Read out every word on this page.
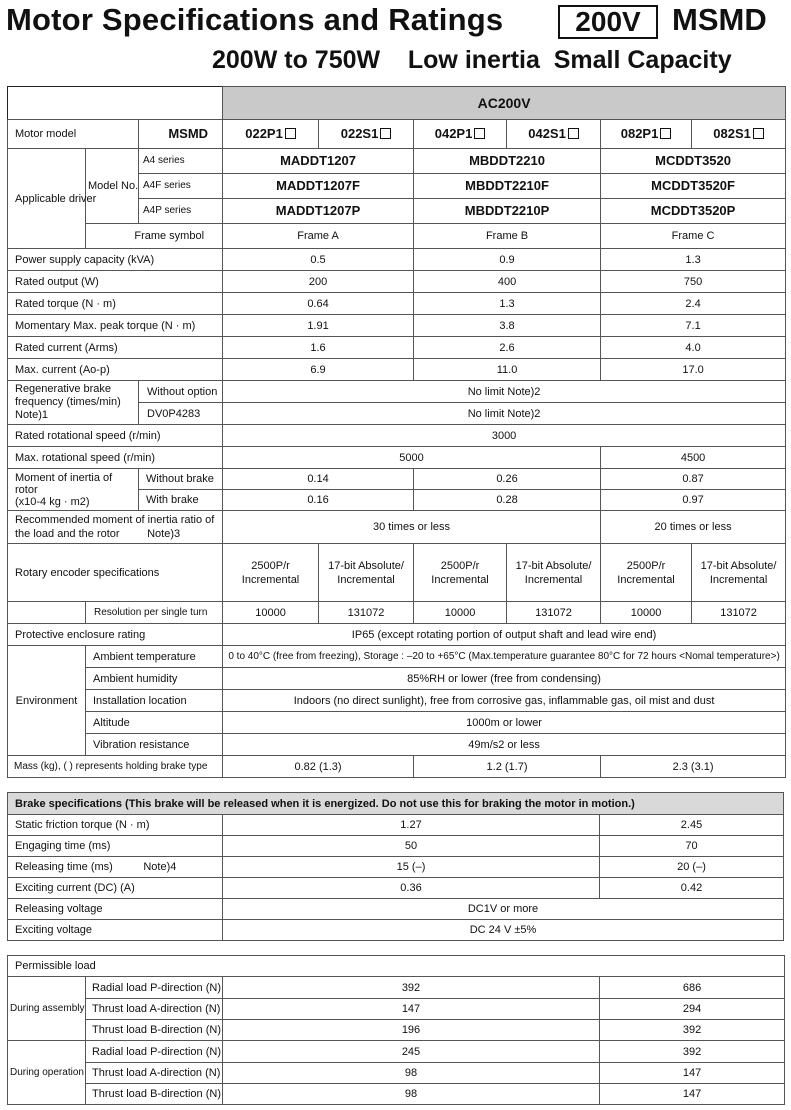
Motor Specifications and Ratings	200V	MSMD
200W to 750W    Low inertia  Small Capacity
			AC200V					
Motor model		MSMD	022P1	022S1	042P1	042S1	082P1	082S1
Applicable driver	Model No.	A4 series	MADDT1207		MBDDT2210		MCDDT3520	
		A4F series	MADDT1207F		MBDDT2210F		MCDDT3520F	
		A4P series	MADDT1207P		MBDDT2210P		MCDDT3520P	
	Frame symbol		Frame A		Frame B		Frame C	
Power supply capacity (kVA)			0.5		0.9		1.3	
Rated output (W)			200		400		750	
Rated torque (N · m)			0.64		1.3		2.4	
Momentary Max. peak torque (N · m)			1.91		3.8		7.1	
Rated current (Arms)			1.6		2.6		4.0	
Max. current (Ao-p)			6.9		11.0		17.0	
Regenerative brake frequency (times/min) Note)1		Without option	No limit Note)2					
		DV0P4283	No limit Note)2					
Rated rotational speed (r/min)			3000					
Max. rotational speed (r/min)			5000				4500	
Moment of inertia of rotor
(x10-4 kg · m2)		Without brake	0.14		0.26		0.87	
		With brake	0.16		0.28		0.97	
Recommended moment of inertia ratio of the load and the rotor Note)3			30 times or less				20 times or less	
Rotary encoder specifications			2500P/r Incremental	17-bit Absolute/ Incremental	2500P/r Incremental	17-bit Absolute/ Incremental	2500P/r Incremental	17-bit Absolute/ Incremental
	Resolution per single turn		10000	131072	10000	131072	10000	131072
Protective enclosure rating			IP65 (except rotating portion of output shaft and lead wire end)					
Environment	Ambient temperature		0 to 40°C (free from freezing), Storage : –20 to +65°C (Max.temperature guarantee 80°C for 72 hours <Nomal temperature>)					
	Ambient humidity		85%RH or lower (free from condensing)					
	Installation location		Indoors (no direct sunlight), free from corrosive gas, inflammable gas, oil mist and dust					
	Altitude		1000m or lower					
	Vibration resistance		49m/s2 or less					
Mass (kg), ( ) represents holding brake type			0.82 (1.3)		1.2 (1.7)		2.3 (3.1)	
Brake specifications (This brake will be released when it is energized. Do not use this for braking the motor in motion.)		
Static friction torque (N · m)	1.27	2.45
Engaging time (ms)	50	70
Releasing time (ms)          Note)4	15 (–)	20 (–)
Exciting current (DC) (A)	0.36	0.42
Releasing voltage	DC1V or more	
Exciting voltage	DC 24 V ±5%	
Permissible load			
During assembly	Radial load P-direction (N)	392	686
	Thrust load A-direction (N)	147	294
	Thrust load B-direction (N)	196	392
During operation	Radial load P-direction (N)	245	392
	Thrust load A-direction (N)	98	147
	Thrust load B-direction (N)	98	147
